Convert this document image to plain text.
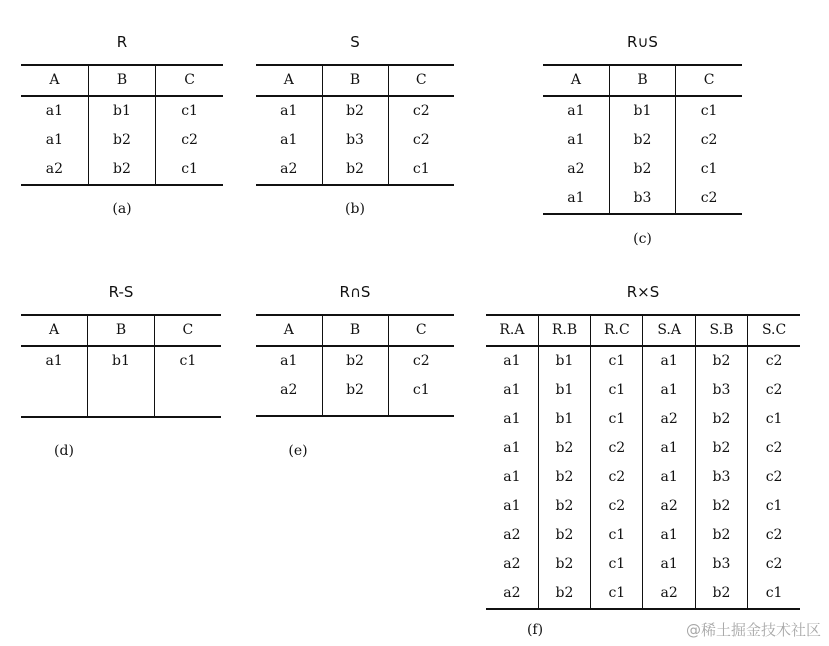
R
A	B	C
a1	b1	c1
a1	b2	c2
a2	b2	c1
(a)
S
A	B	C
a1	b2	c2
a1	b3	c2
a2	b2	c1
(b)
R∪S
A	B	C
a1	b1	c1
a1	b2	c2
a2	b2	c1
a1	b3	c2
(c)
R-S
A	B	C
a1	b1	c1

(d)
R∩S
A	B	C
a1	b2	c2
a2	b2	c1

(e)
R×S
R.A	R.B	R.C	S.A	S.B	S.C
a1	b1	c1	a1	b2	c2
a1	b1	c1	a1	b3	c2
a1	b1	c1	a2	b2	c1
a1	b2	c2	a1	b2	c2
a1	b2	c2	a1	b3	c2
a1	b2	c2	a2	b2	c1
a2	b2	c1	a1	b2	c2
a2	b2	c1	a1	b3	c2
a2	b2	c1	a2	b2	c1
(f)	@稀土掘金技术社区
